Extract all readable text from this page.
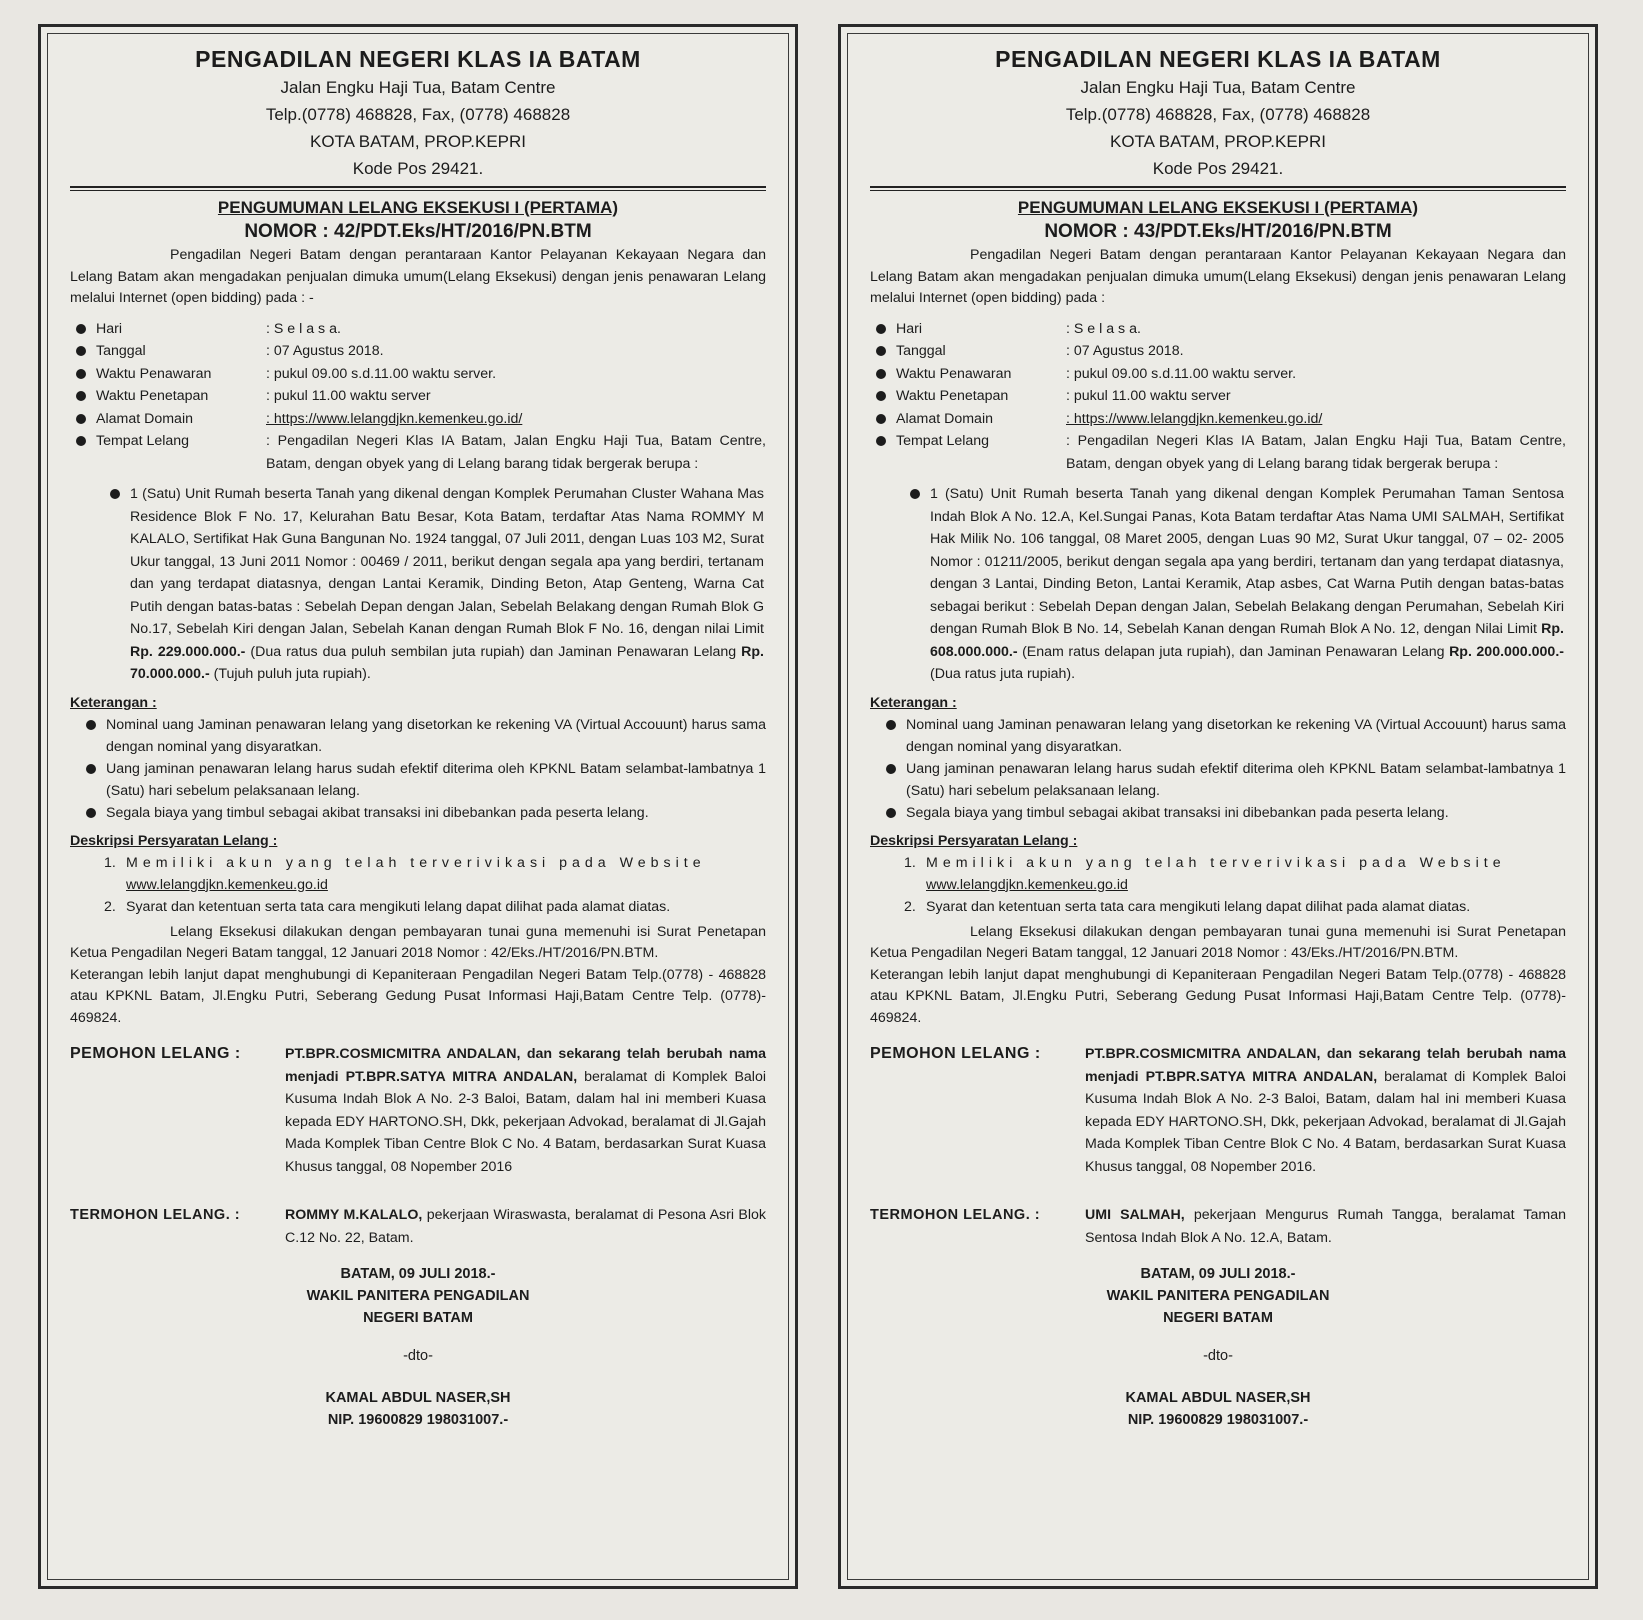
PENGADILAN NEGERI KLAS IA BATAM
Jalan Engku Haji Tua, Batam Centre
Telp.(0778) 468828, Fax, (0778) 468828
KOTA BATAM, PROP.KEPRI
Kode Pos 29421.
PENGUMUMAN LELANG EKSEKUSI I (PERTAMA)
NOMOR : 42/PDT.Eks/HT/2016/PN.BTM
Pengadilan Negeri Batam dengan perantaraan Kantor Pelayanan Kekayaan Negara dan Lelang Batam akan mengadakan penjualan dimuka umum(Lelang Eksekusi) dengan jenis penawaran Lelang melalui Internet (open bidding) pada : -
Hari	: S e l a s a.
Tanggal	: 07 Agustus 2018.
Waktu Penawaran	: pukul 09.00 s.d.11.00 waktu server.
Waktu Penetapan	: pukul 11.00 waktu server
Alamat Domain	: https://www.lelangdjkn.kemenkeu.go.id/
Tempat Lelang	: Pengadilan Negeri Klas IA Batam, Jalan Engku Haji Tua, Batam Centre, Batam, dengan obyek yang di Lelang barang tidak bergerak berupa :
1 (Satu) Unit Rumah beserta Tanah yang dikenal dengan Komplek Perumahan Cluster Wahana Mas Residence Blok F No. 17, Kelurahan Batu Besar, Kota Batam, terdaftar Atas Nama ROMMY M KALALO, Sertifikat Hak Guna Bangunan No. 1924 tanggal, 07 Juli 2011, dengan Luas 103 M2, Surat Ukur tanggal, 13 Juni 2011 Nomor : 00469 / 2011, berikut dengan segala apa yang berdiri, tertanam dan yang terdapat diatasnya, dengan Lantai Keramik, Dinding Beton, Atap Genteng, Warna Cat Putih dengan batas-batas : Sebelah Depan dengan Jalan, Sebelah Belakang dengan Rumah Blok G No.17, Sebelah Kiri dengan Jalan, Sebelah Kanan dengan Rumah Blok F No. 16, dengan nilai Limit Rp. 229.000.000.- (Dua ratus dua puluh sembilan juta rupiah) dan Jaminan Penawaran Lelang Rp. 70.000.000.- (Tujuh puluh juta rupiah).
Keterangan :
Nominal uang Jaminan penawaran lelang yang disetorkan ke rekening VA (Virtual Accouunt) harus sama dengan nominal yang disyaratkan.
Uang jaminan penawaran lelang harus sudah efektif diterima oleh KPKNL Batam selambat-lambatnya 1 (Satu) hari sebelum pelaksanaan lelang.
Segala biaya yang timbul sebagai akibat transaksi ini dibebankan pada peserta lelang.
Deskripsi Persyaratan Lelang :
1. Memiliki akun yang telah terverivikasi pada Website
www.lelangdjkn.kemenkeu.go.id
2. Syarat dan ketentuan serta tata cara mengikuti lelang dapat dilihat pada alamat diatas.
Lelang Eksekusi dilakukan dengan pembayaran tunai guna memenuhi isi Surat Penetapan Ketua Pengadilan Negeri Batam tanggal, 12 Januari 2018 Nomor : 42/Eks./HT/2016/PN.BTM.
Keterangan lebih lanjut dapat menghubungi di Kepaniteraan Pengadilan Negeri Batam Telp.(0778) - 468828 atau KPKNL Batam, Jl.Engku Putri, Seberang Gedung Pusat Informasi Haji,Batam Centre Telp. (0778)- 469824.
PEMOHON LELANG :	PT.BPR.COSMICMITRA ANDALAN, dan sekarang telah berubah nama menjadi PT.BPR.SATYA MITRA ANDALAN, beralamat di Komplek Baloi Kusuma Indah Blok A No. 2-3 Baloi, Batam, dalam hal ini memberi Kuasa kepada EDY HARTONO.SH, Dkk, pekerjaan Advokad, beralamat di Jl.Gajah Mada Komplek Tiban Centre Blok C No. 4 Batam, berdasarkan Surat Kuasa Khusus tanggal, 08 Nopember 2016
TERMOHON LELANG. :	ROMMY M.KALALO, pekerjaan Wiraswasta, beralamat di Pesona Asri Blok C.12 No. 22, Batam.
BATAM, 09 JULI 2018.-
WAKIL PANITERA PENGADILAN
NEGERI BATAM
-dto-
KAMAL ABDUL NASER,SH
NIP. 19600829 198031007.-
PENGADILAN NEGERI KLAS IA BATAM
Jalan Engku Haji Tua, Batam Centre
Telp.(0778) 468828, Fax, (0778) 468828
KOTA BATAM, PROP.KEPRI
Kode Pos 29421.
PENGUMUMAN LELANG EKSEKUSI I (PERTAMA)
NOMOR : 43/PDT.Eks/HT/2016/PN.BTM
Pengadilan Negeri Batam dengan perantaraan Kantor Pelayanan Kekayaan Negara dan Lelang Batam akan mengadakan penjualan dimuka umum(Lelang Eksekusi) dengan jenis penawaran Lelang melalui Internet (open bidding) pada :
Hari	: S e l a s a.
Tanggal	: 07 Agustus 2018.
Waktu Penawaran	: pukul 09.00 s.d.11.00 waktu server.
Waktu Penetapan	: pukul 11.00 waktu server
Alamat Domain	: https://www.lelangdjkn.kemenkeu.go.id/
Tempat Lelang	: Pengadilan Negeri Klas IA Batam, Jalan Engku Haji Tua, Batam Centre, Batam, dengan obyek yang di Lelang barang tidak bergerak berupa :
1 (Satu) Unit Rumah beserta Tanah yang dikenal dengan Komplek Perumahan Taman Sentosa Indah Blok A No. 12.A, Kel.Sungai Panas, Kota Batam terdaftar Atas Nama UMI SALMAH, Sertifikat Hak Milik No. 106 tanggal, 08 Maret 2005, dengan Luas 90 M2, Surat Ukur tanggal, 07 – 02- 2005 Nomor : 01211/2005, berikut dengan segala apa yang berdiri, tertanam dan yang terdapat diatasnya, dengan 3 Lantai, Dinding Beton, Lantai Keramik, Atap asbes, Cat Warna Putih dengan batas-batas sebagai berikut : Sebelah Depan dengan Jalan, Sebelah Belakang dengan Perumahan, Sebelah Kiri dengan Rumah Blok B No. 14, Sebelah Kanan dengan Rumah Blok A No. 12, dengan Nilai Limit Rp. 608.000.000.- (Enam ratus delapan juta rupiah), dan Jaminan Penawaran Lelang Rp. 200.000.000.- (Dua ratus juta rupiah).
Keterangan :
Nominal uang Jaminan penawaran lelang yang disetorkan ke rekening VA (Virtual Accouunt) harus sama dengan nominal yang disyaratkan.
Uang jaminan penawaran lelang harus sudah efektif diterima oleh KPKNL Batam selambat-lambatnya 1 (Satu) hari sebelum pelaksanaan lelang.
Segala biaya yang timbul sebagai akibat transaksi ini dibebankan pada peserta lelang.
Deskripsi Persyaratan Lelang :
1. Memiliki akun yang telah terverivikasi pada Website
www.lelangdjkn.kemenkeu.go.id
2. Syarat dan ketentuan serta tata cara mengikuti lelang dapat dilihat pada alamat diatas.
Lelang Eksekusi dilakukan dengan pembayaran tunai guna memenuhi isi Surat Penetapan Ketua Pengadilan Negeri Batam tanggal, 12 Januari 2018 Nomor : 43/Eks./HT/2016/PN.BTM.
Keterangan lebih lanjut dapat menghubungi di Kepaniteraan Pengadilan Negeri Batam Telp.(0778) - 468828 atau KPKNL Batam, Jl.Engku Putri, Seberang Gedung Pusat Informasi Haji,Batam Centre Telp. (0778)- 469824.
PEMOHON LELANG :	PT.BPR.COSMICMITRA ANDALAN, dan sekarang telah berubah nama menjadi PT.BPR.SATYA MITRA ANDALAN, beralamat di Komplek Baloi Kusuma Indah Blok A No. 2-3 Baloi, Batam, dalam hal ini memberi Kuasa kepada EDY HARTONO.SH, Dkk, pekerjaan Advokad, beralamat di Jl.Gajah Mada Komplek Tiban Centre Blok C No. 4 Batam, berdasarkan Surat Kuasa Khusus tanggal, 08 Nopember 2016.
TERMOHON LELANG. :	UMI SALMAH, pekerjaan Mengurus Rumah Tangga, beralamat Taman Sentosa Indah Blok A No. 12.A, Batam.
BATAM, 09 JULI 2018.-
WAKIL PANITERA PENGADILAN
NEGERI BATAM
-dto-
KAMAL ABDUL NASER,SH
NIP. 19600829 198031007.-
